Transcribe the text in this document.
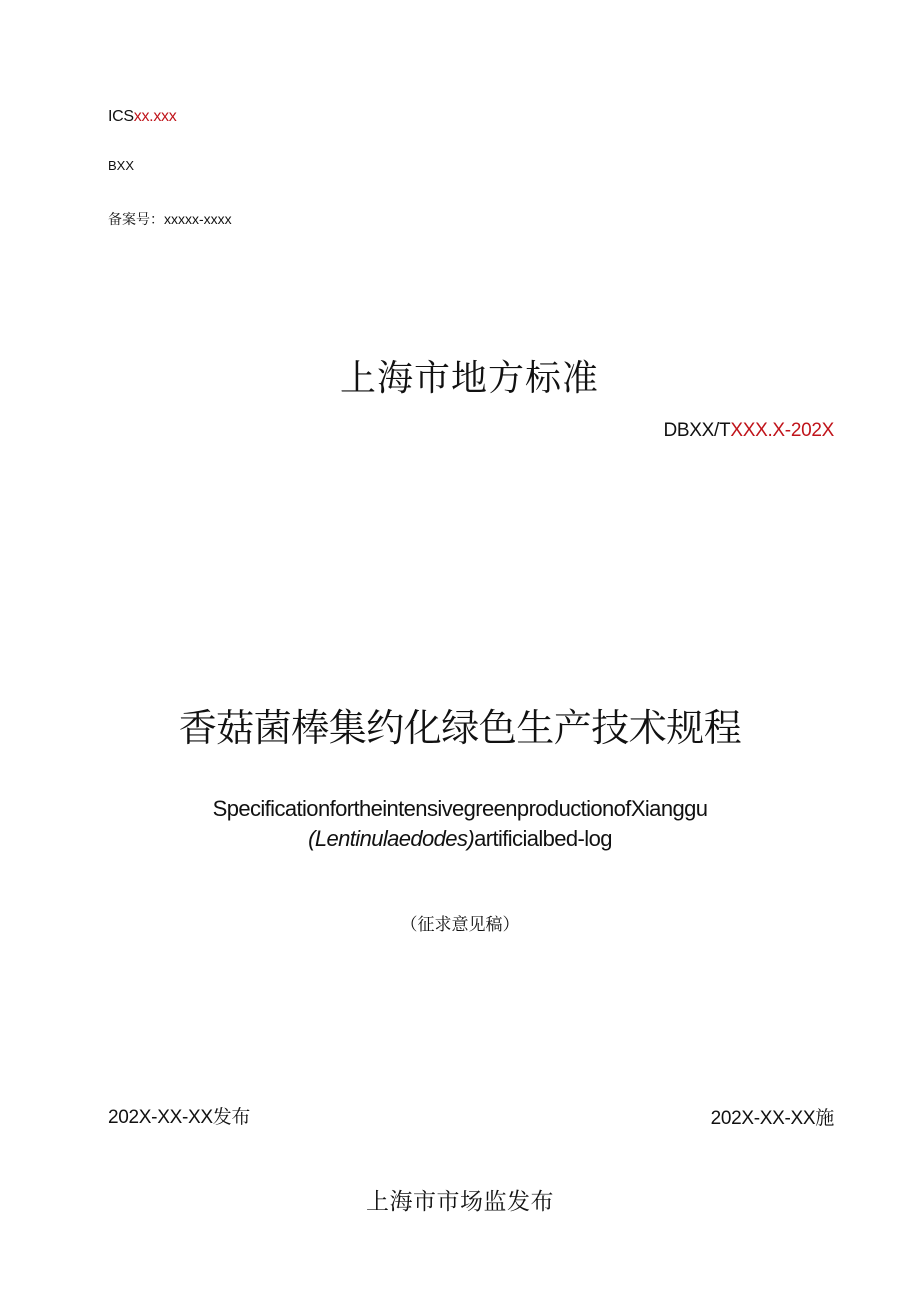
ICSxx.xxx
BXX
备案号：xxxxx-xxxx
上海市地方标准
DBXX/TXXX.X-202X
香菇菌棒集约化绿色生产技术规程
SpecificationfortheintensivegreenproductionofXianggu
(Lentinulaedodes)artificialbed-log
（征求意见稿）
202X-XX-XX发布	202X-XX-XX施
上海市市场监发布
